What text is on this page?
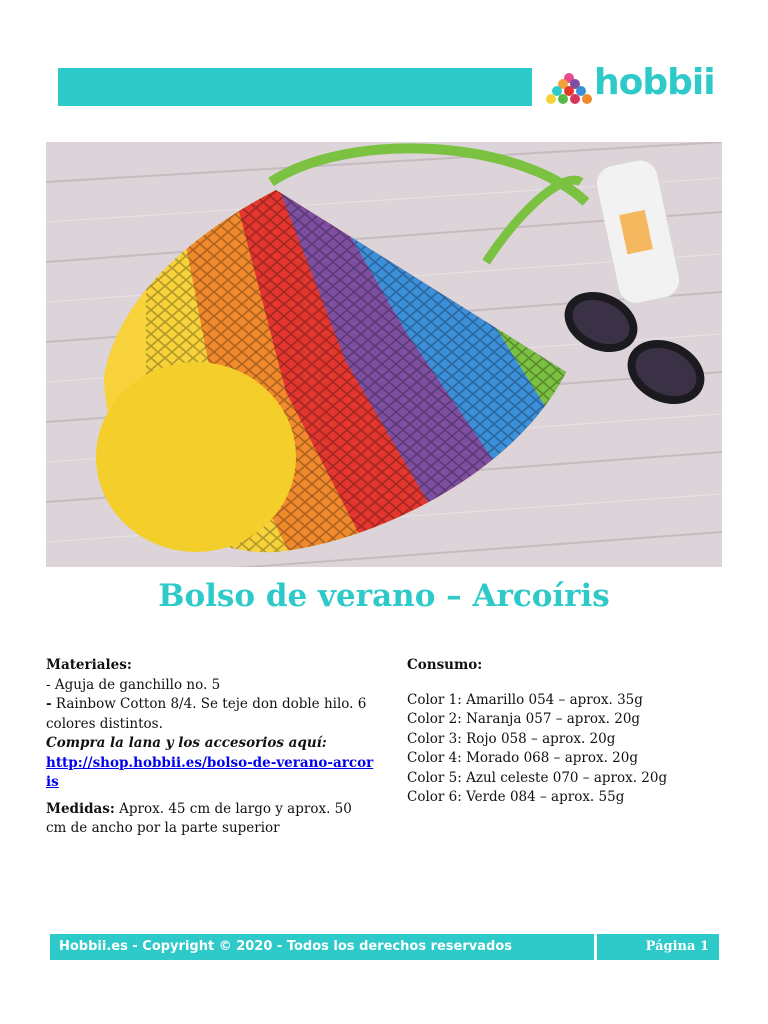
hobbii
Bolso de verano – Arcoíris

Materiales:

- Aguja de ganchillo no. 5

- Rainbow Cotton 8/4. Se teje don doble hilo. 6 colores distintos.

Compra la lana y los accesorios aquí:

http://shop.hobbii.es/bolso-de-verano-arcoris

Medidas: Aprox. 45 cm de largo y aprox. 50 cm de ancho por la parte superior

Consumo:

Color 1: Amarillo 054 – aprox. 35g

Color 2: Naranja 057 – aprox. 20g

Color 3: Rojo 058 – aprox. 20g

Color 4: Morado 068 – aprox. 20g

Color 5: Azul celeste 070 – aprox. 20g

Color 6: Verde 084 – aprox. 55g

Hobbii.es - Copyright © 2020 - Todos los derechos reservados	Página 1
